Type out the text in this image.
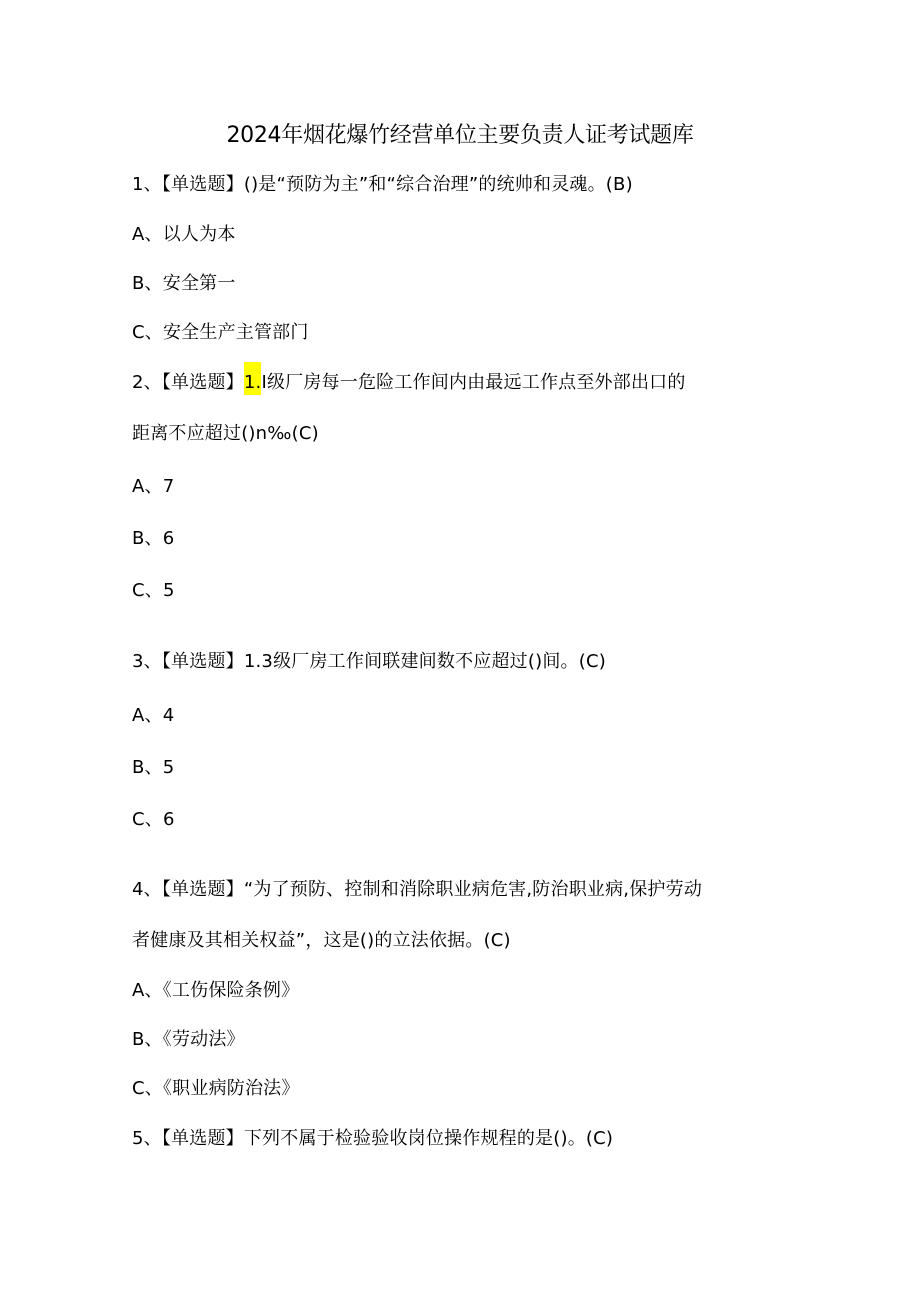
2024年烟花爆竹经营单位主要负责人证考试题库
1、【单选题】()是“预防为主”和“综合治理”的统帅和灵魂。(B)
A、以人为本
B、安全第一
C、安全生产主管部门
2、【单选题】1.I级厂房每一危险工作间内由最远工作点至外部出口的
距离不应超过()n‰(C)
A、7
B、6
C、5
3、【单选题】1.3级厂房工作间联建间数不应超过()间。(C)
A、4
B、5
C、6
4、【单选题】“为了预防、控制和消除职业病危害,防治职业病,保护劳动
者健康及其相关权益”，这是()的立法依据。(C)
A、《工伤保险条例》
B、《劳动法》
C、《职业病防治法》
5、【单选题】下列不属于检验验收岗位操作规程的是()。(C)
